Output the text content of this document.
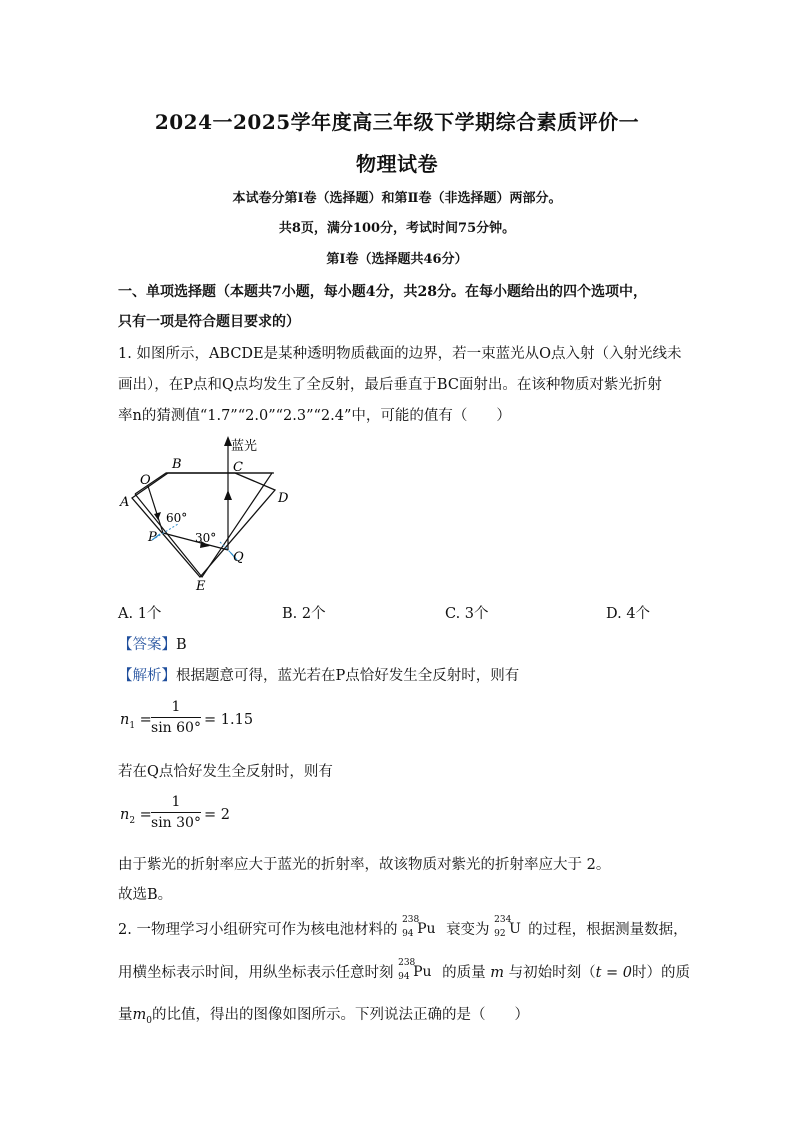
2024一2025学年度高三年级下学期综合素质评价一
物理试卷
本试卷分第Ⅰ卷（选择题）和第Ⅱ卷（非选择题）两部分。
共8页，满分100分，考试时间75分钟。
第Ⅰ卷（选择题共46分）
一、单项选择题（本题共7小题，每小题4分，共28分。在每小题给出的四个选项中，
只有一项是符合题目要求的）
1. 如图所示，ABCDE是某种透明物质截面的边界，若一束蓝光从O点入射（入射光线未
画出），在P点和Q点均发生了全反射，最后垂直于BC面射出。在该种物质对紫光折射
率n的猜测值“1.7”“2.0”“2.3”“2.4”中，可能的值有（　　）
蓝光
A
B	C
D
E
O
P
Q
60°
30°
A. 1个	B. 2个	C. 3个	D. 4个
【答案】B
【解析】根据题意可得，蓝光若在P点恰好发生全反射时，则有
$n_1 = \frac{1}{\sin 60^\circ} = 1.15$
若在Q点恰好发生全反射时，则有
$n_2 = \frac{1}{\sin 30^\circ} = 2$
由于紫光的折射率应大于蓝光的折射率，故该物质对紫光的折射率应大于 2。
故选B。
2. 一物理学习小组研究可作为核电池材料的
238
94 Pu 衰变为
234
92 U 的过程，根据测量数据，
用横坐标表示时间，用纵坐标表示任意时刻
238
94 Pu 的质量 m 与初始时刻（t = 0时）的质
量$m_0$的比值，得出的图像如图所示。下列说法正确的是（　　）
